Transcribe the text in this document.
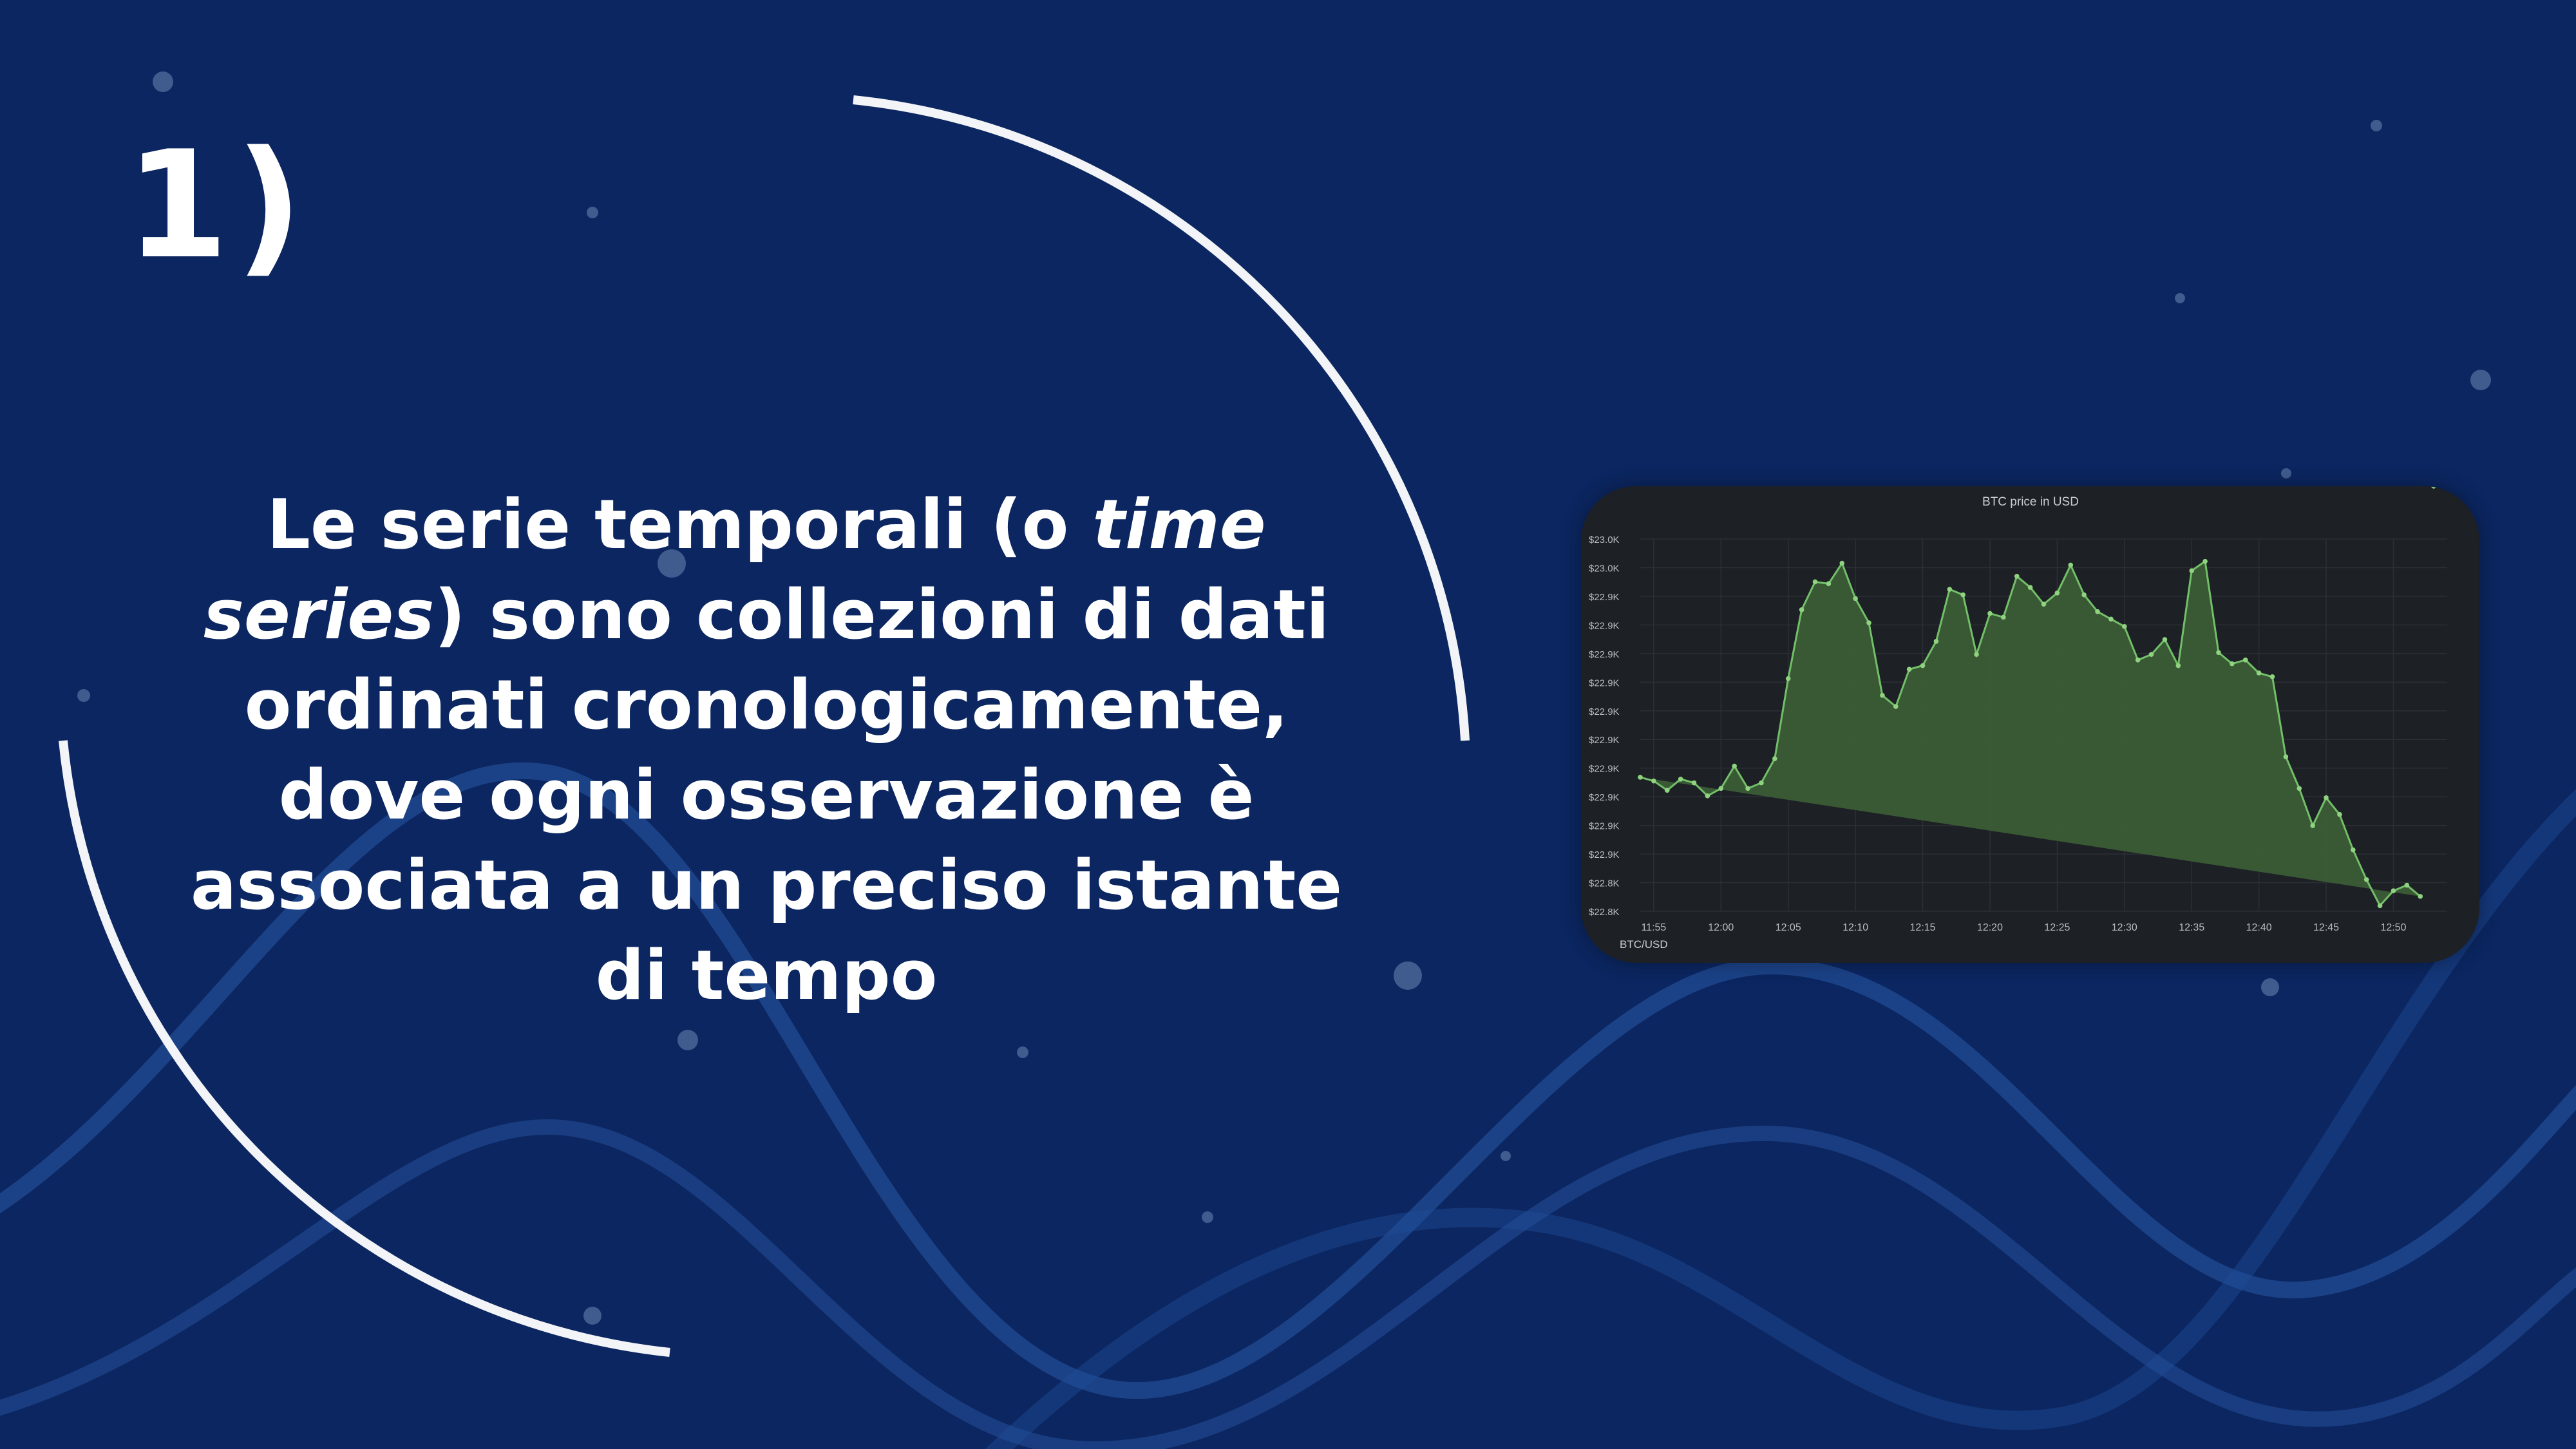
1)
Le serie temporali (o time series) sono collezioni di dati ordinati cronologicamente, dove ogni osservazione è associata a un preciso istante di tempo
BTC price in USD
$23.0K
$23.0K
$22.9K
$22.9K
$22.9K
$22.9K
$22.9K
$22.9K
$22.9K
$22.9K
$22.9K
$22.9K
$22.8K
$22.8K
11:55	12:00	12:05	12:10	12:15	12:20	12:25	12:30	12:35	12:40	12:45	12:50
BTC/USD
